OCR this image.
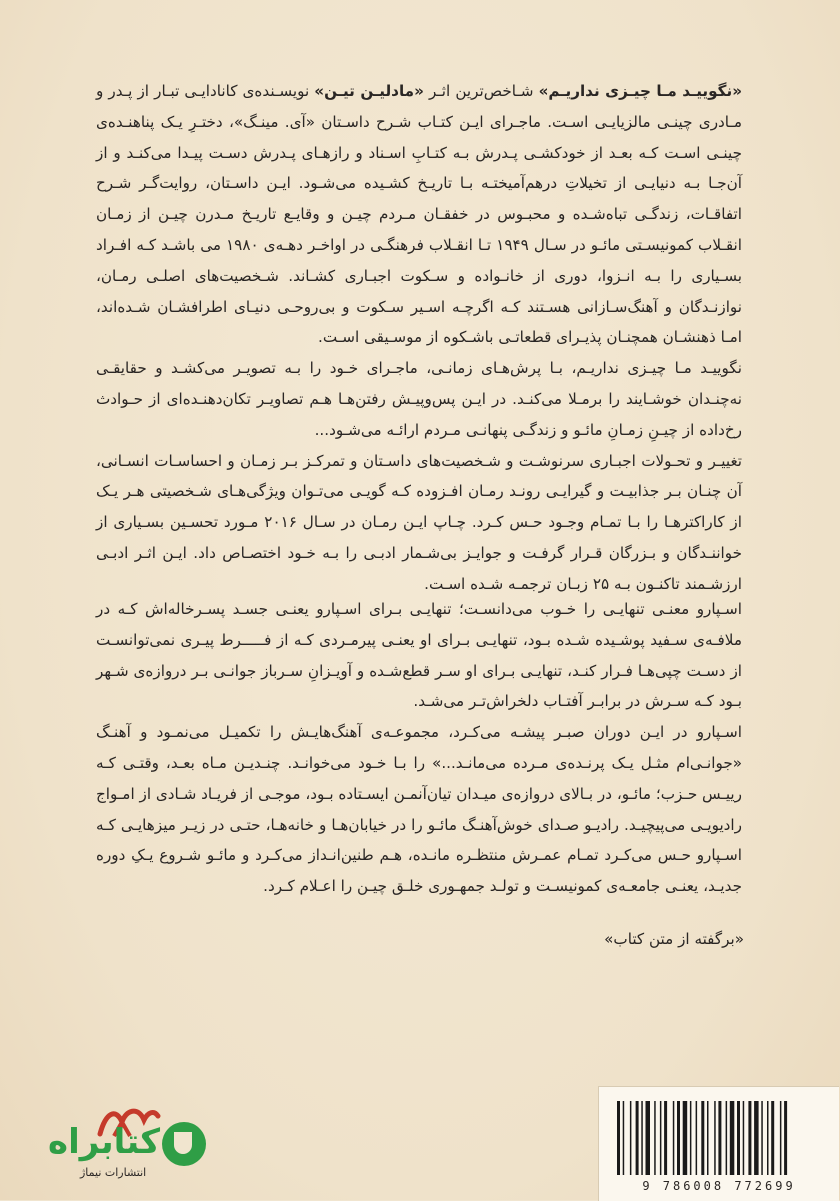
«نگوییـد مـا چیـزی نداریـم» شـاخص‌ترین اثـر «مادلیـن تیـن» نویسـنده‌ی کانادایـی تبـار از پـدر و مـادری چینـی مالزیایـی اسـت. ماجـرای ایـن کتـاب شـرح داسـتان «آی. مینـگ»، دختـرِ یـک پناهنـده‌ی چینـی اسـت کـه بعـد از خودکشـی پـدرش بـه کتـابِ اسـناد و رازهـای پـدرش دسـت پیـدا می‌کنـد و از آن‌جـا بـه دنیایـی از تخیلاتِ درهم‌آمیختـه بـا تاریـخ کشـیده می‌شـود. ایـن داسـتان، روایت‌گـر شـرح اتفاقـات، زندگـی تباه‌شـده و محبـوس در خفقـان مـردم چیـن و وقایـع تاریـخ مـدرن چیـن از زمـان انقـلاب کمونیسـتی مائـو در سـال ۱۹۴۹ تـا انقـلاب فرهنگـی در اواخـر دهـه‌ی ۱۹۸۰ می باشـد کـه افـراد بسـیاری را بـه انـزوا، دوری از خانـواده و سـکوت اجبـاری کشـاند. شـخصیت‌های اصلـی رمـان، نوازنـدگان و آهنگ‌سـازانی هسـتند کـه اگرچـه اسـیر سـکوت و بی‌روحـی دنیـای اطرافشـان شـده‌اند، امـا ذهنشـان همچنـان پذیـرای قطعاتـی باشـکوه از موسـیقی اسـت.

نگوییـد مـا چیـزی نداریـم، بـا پرش‌هـای زمانـی، ماجـرای خـود را بـه تصویـر می‌کشـد و حقایقـی نه‌چنـدان خوشـایند را برمـلا می‌کنـد. در ایـن پس‌وپیـش رفتن‌هـا هـم تصاویـر تکان‌دهنـده‌ای از حـوادث رخ‌داده از چیـنِ زمـانِ مائـو و زندگـی پنهانـی مـردم ارائـه می‌شـود...

تغییـر و تحـولات اجبـاری سرنوشـت و شـخصیت‌های داسـتان و تمرکـز بـر زمـان و احساسـات انسـانی، آن چنـان بـر جذابیـت و گیرایـی رونـد رمـان افـزوده کـه گویـی می‌تـوان ویژگی‌هـای شـخصیتی هـر یـک از کاراکترهـا را بـا تمـام وجـود حـس کـرد. چـاپ ایـن رمـان در سـال ۲۰۱۶ مـورد تحسـین بسـیاری از خواننـدگان و بـزرگان قـرار گرفـت و جوایـز بی‌شـمار ادبـی را بـه خـود اختصـاص داد. ایـن اثـر ادبـی ارزشـمند تاکنـون بـه ۲۵ زبـان ترجمـه شـده اسـت.

اسـپارو معنـی تنهایـی را خـوب می‌دانسـت؛ تنهایـی بـرای اسـپارو یعنـی جسـد پسـرخاله‌اش کـه در ملافـه‌ی سـفید پوشـیده شـده بـود، تنهایـی بـرای او یعنـی پیرمـردی کـه از فـــــرط پیـری نمی‌توانسـت از دسـت چپی‌هـا فـرار کنـد، تنهایـی بـرای او سـر قطع‌شـده و آویـزانِ سـرباز جوانـی بـر دروازه‌ی شـهر بـود کـه سـرش در برابـر آفتـاب دلخراش‌تـر می‌شـد.

اسـپارو در ایـن دوران صبـر پیشـه می‌کـرد، مجموعـه‌ی آهنگ‌هایـش را تکمیـل می‌نمـود و آهنـگ «جوانـی‌ام مثـل یـک پرنـده‌ی مـرده می‌مانـد...» را بـا خـود می‌خوانـد. چنـدیـن مـاه بعـد، وقتـی کـه رییـس حـزب؛ مائـو، در بـالای دروازه‌ی میـدان تیان‌آنمـن ایسـتاده بـود، موجـی از فریـاد شـادی از امـواج رادیویـی می‌پیچیـد. رادیـو صـدای خوش‌آهنـگ مائـو را در خیابان‌هـا و خانه‌هـا، حتـی در زیـر میزهایـی کـه اسـپارو حـس می‌کـرد تمـام عمـرش منتظـره مانـده، هـم طنین‌انـداز می‌کـرد و مائـو شـروع یـکِ دوره جدیـد، یعنـی جامعـه‌ی کمونیسـت و تولـد جمهـوری خلـق چیـن را اعـلام کـرد.

«برگفته از متن کتاب»
کتابراه
انتشارات نیماژ
9 786008 772699
